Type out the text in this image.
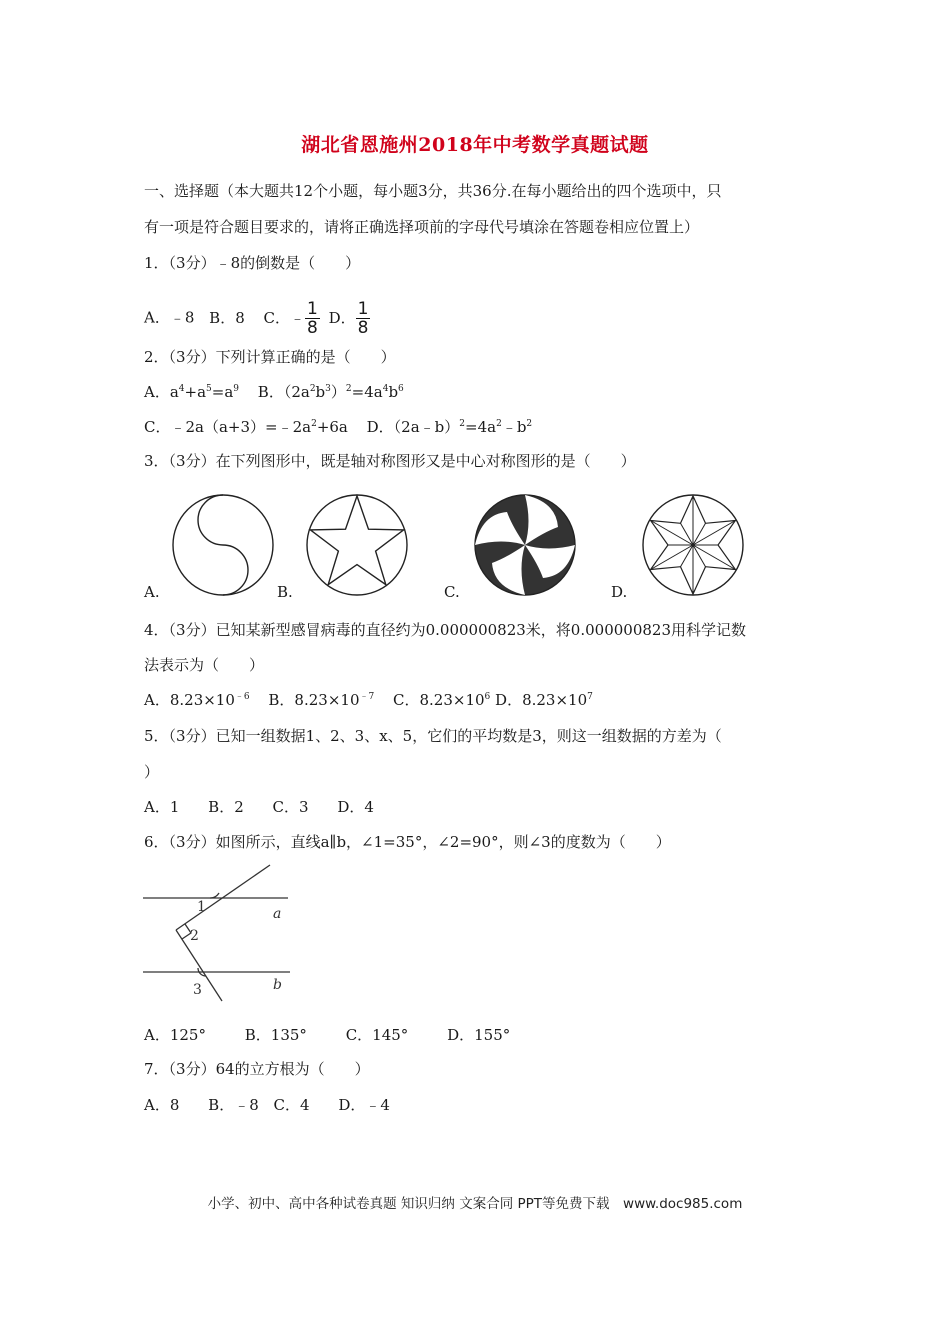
湖北省恩施州2018年中考数学真题试题
一、选择题（本大题共12个小题，每小题3分，共36分.在每小题给出的四个选项中，只
有一项是符合题目要求的，请将正确选择项前的字母代号填涂在答题卷相应位置上）
1．（3分）﹣8的倒数是（　　）
A．﹣8 B．8 C．﹣ $\frac{1}{8}$ D． $\frac{1}{8}$
2．（3分）下列计算正确的是（　　）
A．$a^4+a^5=a^9$ B．$(2a^2b^3)^2=4a^4b^6$
C．$﹣2a(a+3)=﹣2a^2+6a$ D．$(2a﹣b)^2=4a^2﹣b^2$
3．（3分）在下列图形中，既是轴对称图形又是中心对称图形的是（　　）
A.	B.	C.	D.
4．（3分）已知某新型感冒病毒的直径约为0.000000823米，将0.000000823用科学记数
法表示为（　　）
A．$8.23\times 10^{﹣6}$ B．$8.23\times 10^{﹣7}$ C．$8.23\times 10^6$ D．$8.23\times 10^7$
5．（3分）已知一组数据1、2、3、x、5，它们的平均数是3，则这一组数据的方差为（
）
A．1 B．2 C．3 D．4
6．（3分）如图所示，直线a∥b，∠1=35°，∠2=90°，则∠3的度数为（　　）
1
2
3
a
b
A．125°	B．135°	C．145°	D．155°
7．（3分）64的立方根为（　　）
A．8 B．﹣8 C．4 D．﹣4
小学、初中、高中各种试卷真题 知识归纳 文案合同 PPT等免费下载　www.doc985.com
